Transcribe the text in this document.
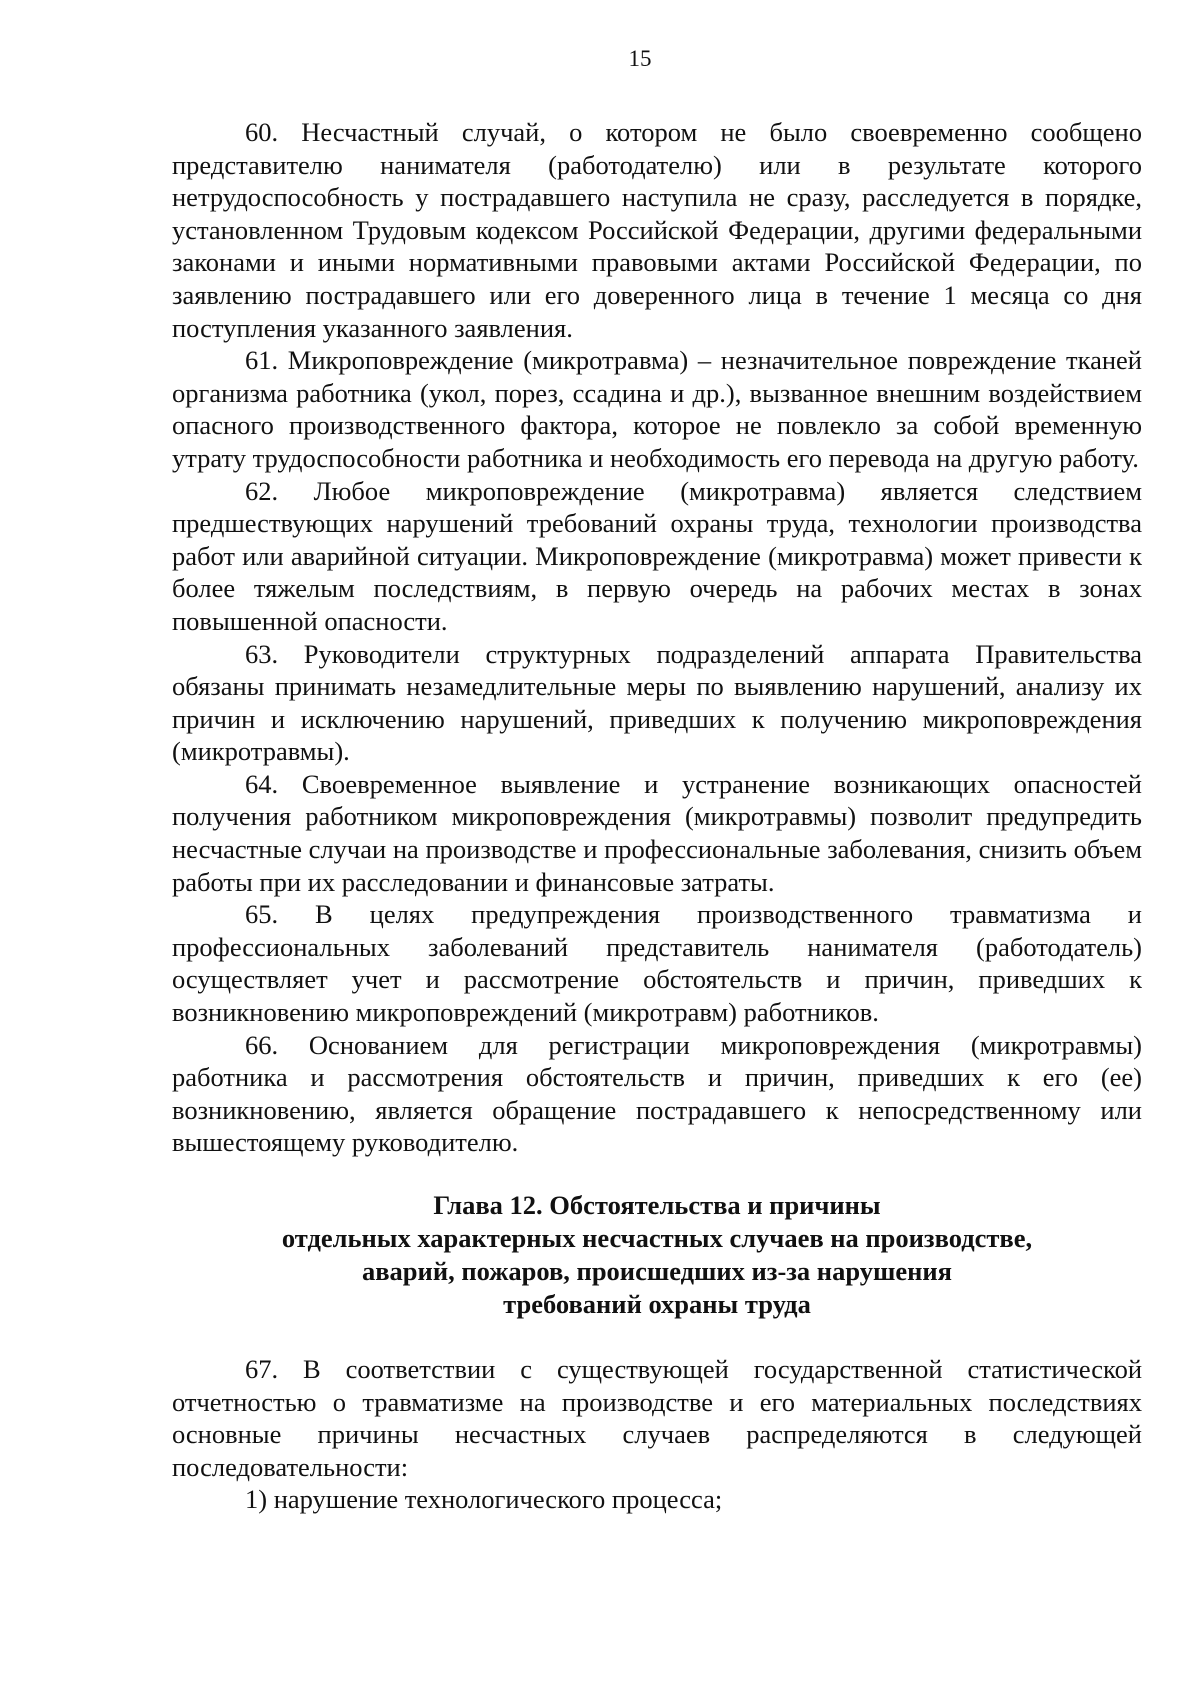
15

60. Несчастный случай, о котором не было своевременно сообщено представителю нанимателя (работодателю) или в результате которого нетрудоспособность у пострадавшего наступила не сразу, расследуется в порядке, установленном Трудовым кодексом Российской Федерации, другими федеральными законами и иными нормативными правовыми актами Российской Федерации, по заявлению пострадавшего или его доверенного лица в течение 1 месяца со дня поступления указанного заявления.

61. Микроповреждение (микротравма) – незначительное повреждение тканей организма работника (укол, порез, ссадина и др.), вызванное внешним воздействием опасного производственного фактора, которое не повлекло за собой временную утрату трудоспособности работника и необходимость его перевода на другую работу.

62. Любое микроповреждение (микротравма) является следствием предшествующих нарушений требований охраны труда, технологии производства работ или аварийной ситуации. Микроповреждение (микротравма) может привести к более тяжелым последствиям, в первую очередь на рабочих местах в зонах повышенной опасности.

63. Руководители структурных подразделений аппарата Правительства обязаны принимать незамедлительные меры по выявлению нарушений, анализу их причин и исключению нарушений, приведших к получению микроповреждения (микротравмы).

64. Своевременное выявление и устранение возникающих опасностей получения работником микроповреждения (микротравмы) позволит предупредить несчастные случаи на производстве и профессиональные заболевания, снизить объем работы при их расследовании и финансовые затраты.

65. В целях предупреждения производственного травматизма и профессиональных заболеваний представитель нанимателя (работодатель) осуществляет учет и рассмотрение обстоятельств и причин, приведших к возникновению микроповреждений (микротравм) работников.

66. Основанием для регистрации микроповреждения (микротравмы) работника и рассмотрения обстоятельств и причин, приведших к его (ее) возникновению, является обращение пострадавшего к непосредственному или вышестоящему руководителю.

Глава 12. Обстоятельства и причины
отдельных характерных несчастных случаев на производстве,
аварий, пожаров, происшедших из-за нарушения
требований охраны труда

67. В соответствии с существующей государственной статистической отчетностью о травматизме на производстве и его материальных последствиях основные причины несчастных случаев распределяются в следующей последовательности:

1) нарушение технологического процесса;
